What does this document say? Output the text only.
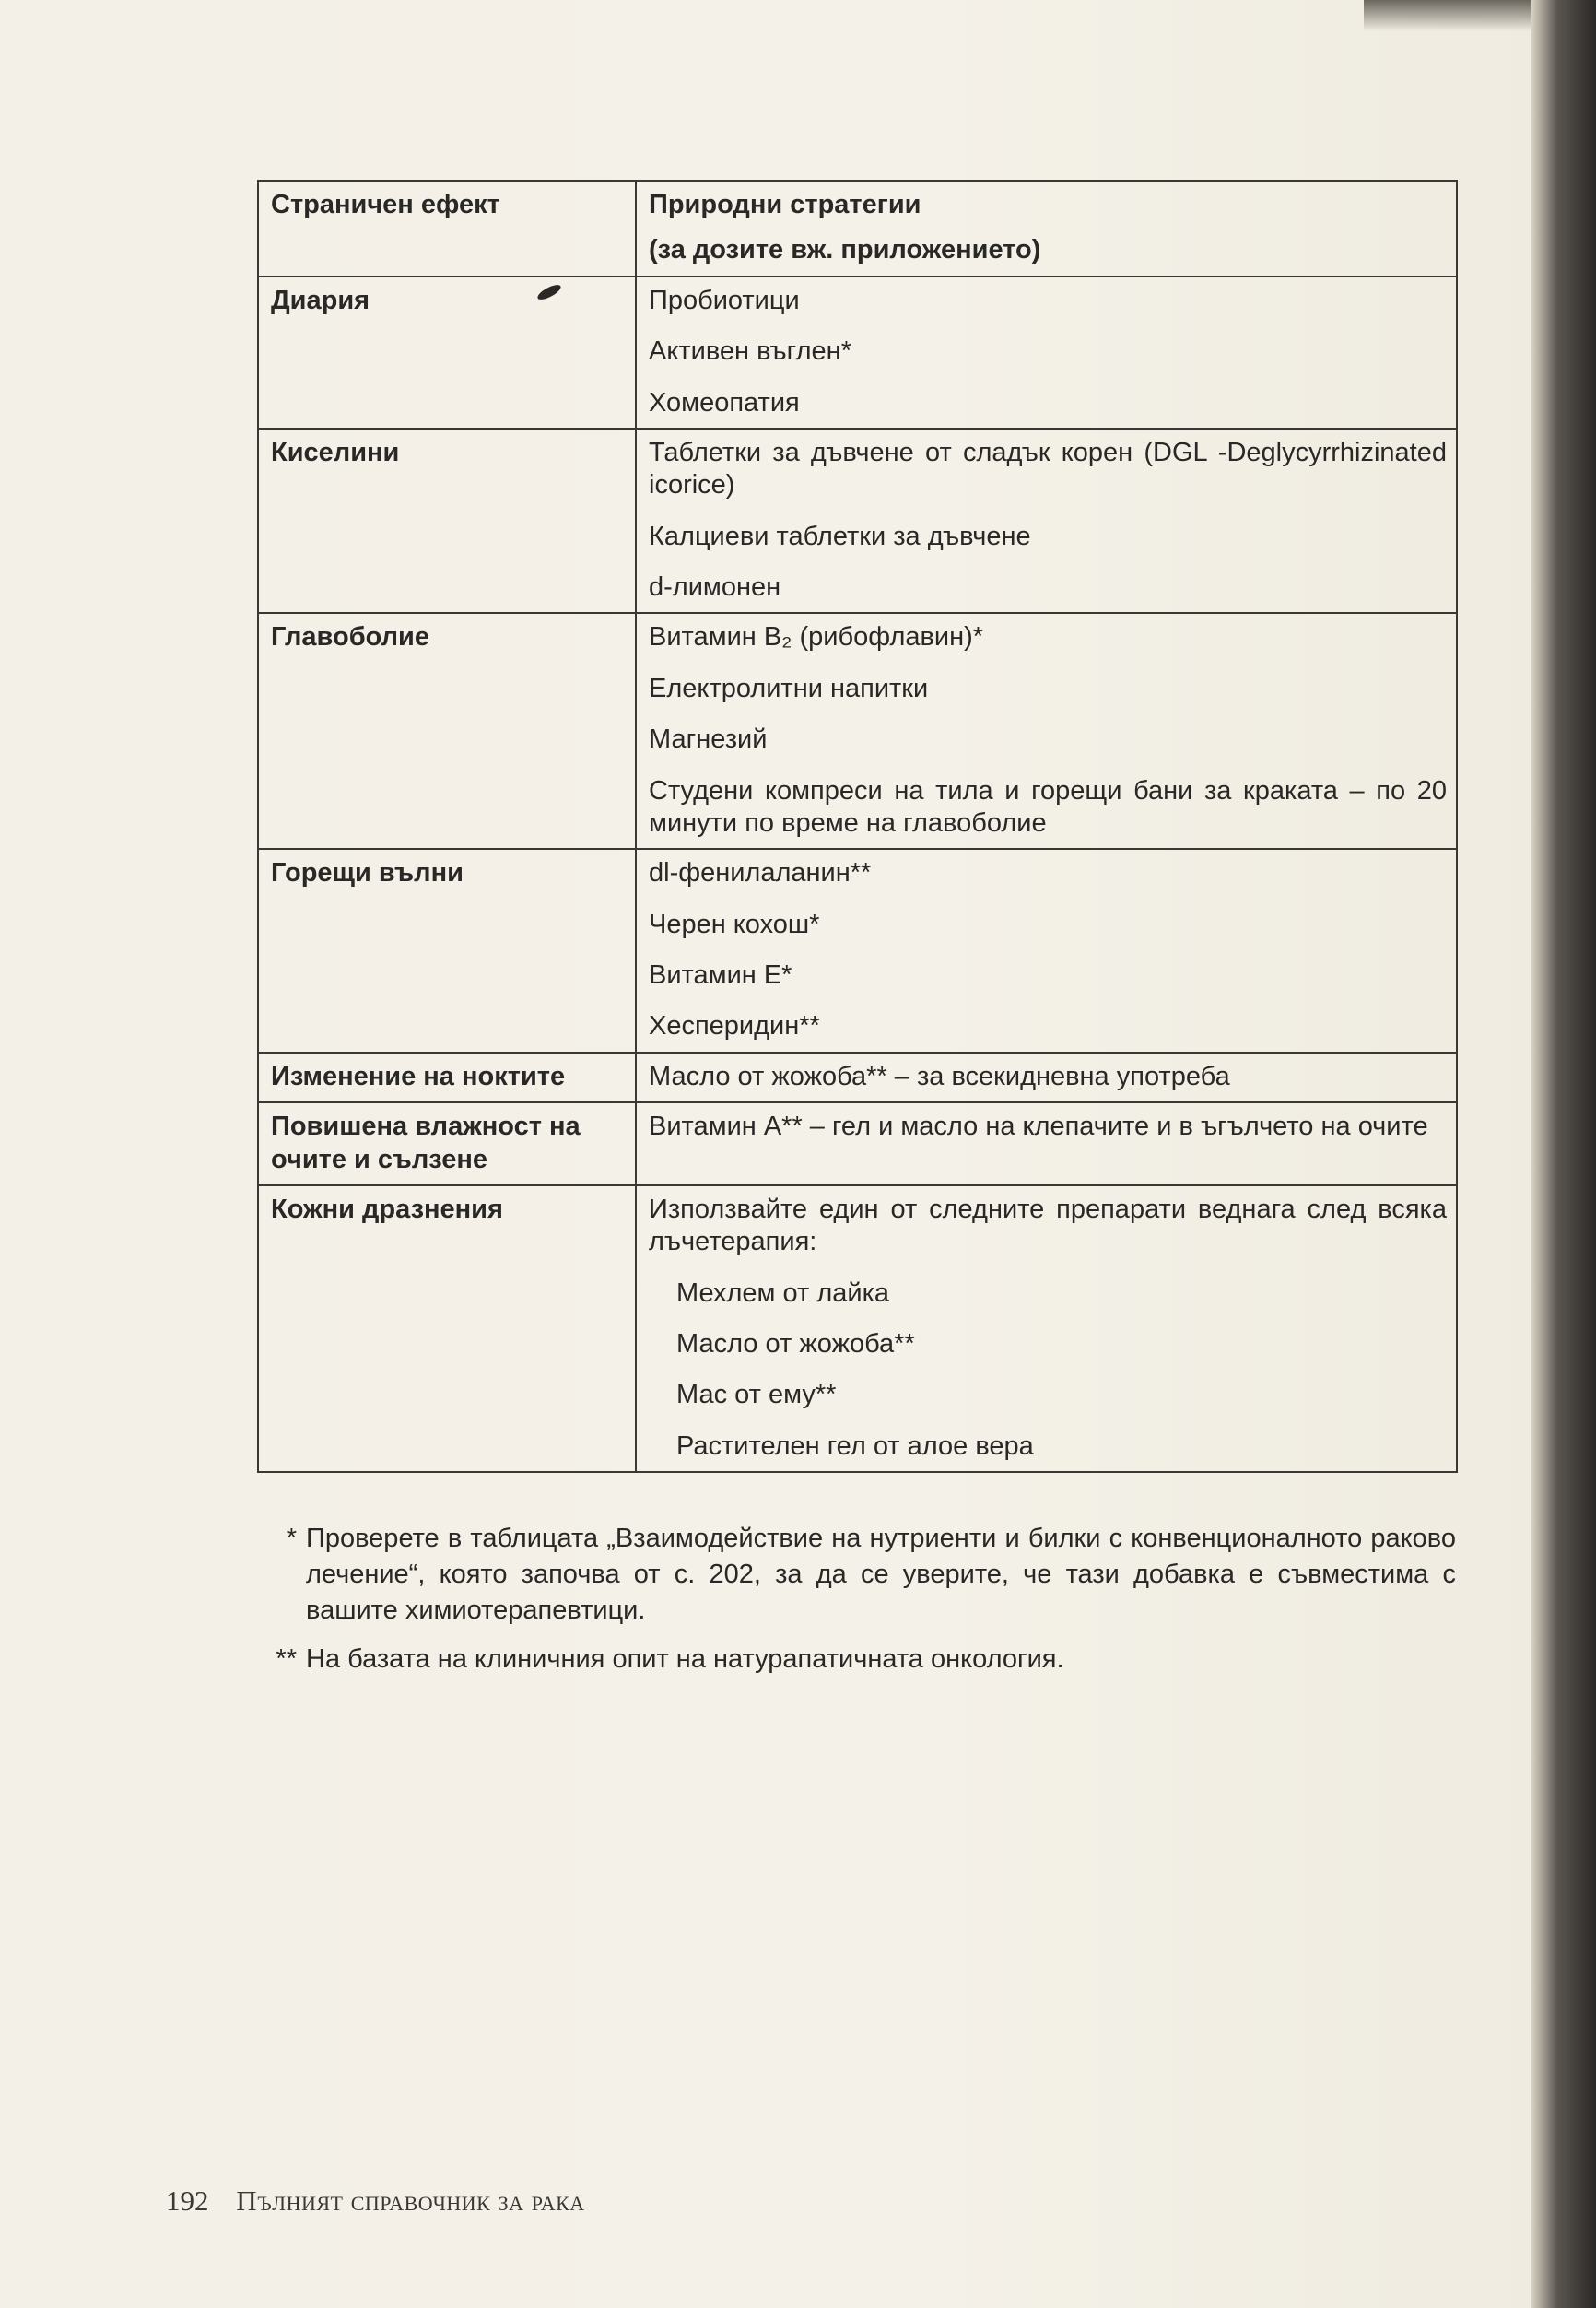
Страничен ефект	Природни стратегии
(за дозите вж. приложението)

Диария	Пробиотици
Активен въглен*
Хомеопатия

Киселини	Таблетки за дъвчене от сладък корен (DGL -Deglycyrrhizinated icorice)
Калциеви таблетки за дъвчене
d-лимонен

Главоболие	Витамин В₂ (рибофлавин)*
Електролитни напитки
Магнезий
Студени компреси на тила и горещи бани за краката – по 20 минути по време на главоболие

Горещи вълни	dl-фенилаланин**
Черен кохош*
Витамин Е*
Хесперидин**

Изменение на ноктите	Масло от жожоба** – за всекидневна употреба

Повишена влажност на очите и сълзене	Витамин А** – гел и масло на клепачите и в ъгълчето на очите

Кожни дразнения	Използвайте един от следните препарати веднага след всяка лъчетерапия:
Мехлем от лайка
Масло от жожоба**
Мас от ему**
Растителен гел от алое вера
* Проверете в таблицата „Взаимодействие на нутриенти и билки с конвенционалното раково лечение“, която започва от с. 202, за да се уверите, че тази добавка е съвместима с вашите химиотерапевтици.
** На базата на клиничния опит на натурапатичната онкология.
192 Пълният справочник за рака
